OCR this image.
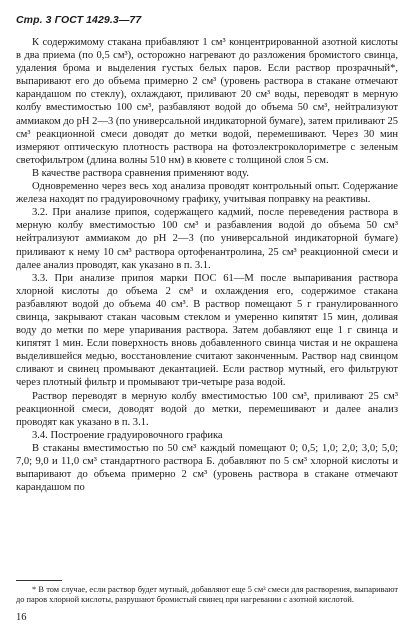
Стр. 3 ГОСТ 1429.3—77

К содержимому стакана прибавляют 1 см³ концентрированной азотной кислоты в два приема (по 0,5 см³), осторожно нагревают до разложения бромистого свинца, удаления брома и выделения густых белых паров. Если раствор прозрачный*, выпаривают его до объема примерно 2 см³ (уровень раствора в стакане отмечают карандашом по стеклу), охлаждают, приливают 20 см³ воды, переводят в мерную колбу вместимостью 100 см³, разбавляют водой до объема 50 см³, нейтрализуют аммиаком до pH 2—3 (по универсальной индикаторной бумаге), затем приливают 25 см³ реакционной смеси доводят до метки водой, перемешивают. Через 30 мин измеряют оптическую плотность раствора на фотоэлектроколориметре с зеленым светофильтром (длина волны 510 нм) в кювете с толщиной слоя 5 см.

В качестве раствора сравнения применяют воду.

Одновременно через весь ход анализа проводят контрольный опыт. Содержание железа находят по градуировочному графику, учитывая поправку на реактивы.

3.2. При анализе припоя, содержащего кадмий, после переведения раствора в мерную колбу вместимостью 100 см³ и разбавления водой до объема 50 см³ нейтрализуют аммиаком до pH 2—3 (по универсальной индикаторной бумаге) приливают к нему 10 см³ раствора ортофенантролина, 25 см³ реакционной смеси и далее анализ проводят, как указано в п. 3.1.

3.3. При анализе припоя марки ПОС 61—М после выпаривания раствора хлорной кислоты до объема 2 см³ и охлаждения его, содержимое стакана разбавляют водой до объема 40 см³. В раствор помещают 5 г гранулированного свинца, закрывают стакан часовым стеклом и умеренно кипятят 15 мин, доливая воду до метки по мере упаривания раствора. Затем добавляют еще 1 г свинца и кипятят 1 мин. Если поверхность вновь добавленного свинца чистая и не окрашена выделившейся медью, восстановление считают законченным. Раствор над свинцом сливают и свинец промывают декантацией. Если раствор мутный, его фильтруют через плотный фильтр и промывают три-четыре раза водой.

Раствор переводят в мерную колбу вместимостью 100 см³, приливают 25 см³ реакционной смеси, доводят водой до метки, перемешивают и далее анализ проводят как указано в п. 3.1.

3.4. Построение градуировочного графика

В стаканы вместимостью по 50 см³ каждый помещают 0; 0,5; 1,0; 2,0; 3,0; 5,0; 7,0; 9,0 и 11,0 см³ стандартного раствора Б. добавляют по 5 см³ хлорной кислоты и выпаривают до объема примерно 2 см³ (уровень раствора в стакане отмечают карандашом по

* В том случае, если раствор будет мутный, добавляют еще 5 см³ смеси для растворения, выпаривают до паров хлорной кислоты, разрушают бромистый свинец при нагревании с азотной кислотой.
16
